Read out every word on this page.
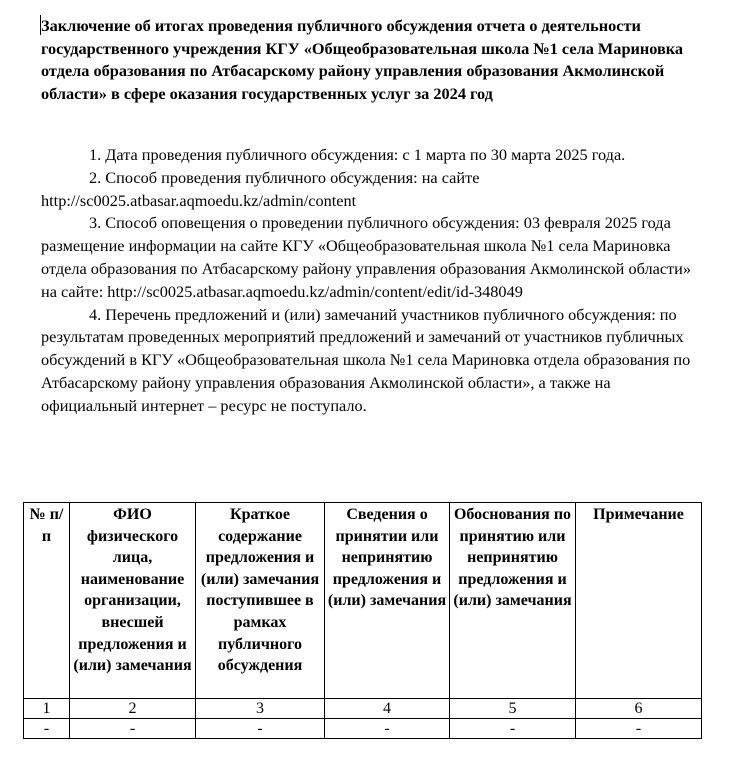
Заключение об итогах проведения публичного обсуждения отчета о деятельности государственного учреждения КГУ «Общеобразовательная школа №1 села Мариновка отдела образования по Атбасарскому району управления образования Акмолинской области» в сфере оказания государственных услуг за 2024 год

1. Дата проведения публичного обсуждения: с 1 марта по 30 марта 2025 года.

2. Способ проведения публичного обсуждения: на сайте http://sc0025.atbasar.aqmoedu.kz/admin/content

3. Способ оповещения о проведении публичного обсуждения: 03 февраля 2025 года размещение информации на сайте КГУ «Общеобразовательная школа №1 села Мариновка отдела образования по Атбасарскому району управления образования Акмолинской области» на сайте: http://sc0025.atbasar.aqmoedu.kz/admin/content/edit/id-348049

4. Перечень предложений и (или) замечаний участников публичного обсуждения: по результатам проведенных мероприятий предложений и замечаний от участников публичных обсуждений в КГУ «Общеобразовательная школа №1 села Мариновка отдела образования по Атбасарскому району управления образования Акмолинской области», а также на официальный интернет – ресурс не поступало.

№ п/п	ФИО физического лица, наименование организации, внесшей предложения и (или) замечания	Краткое содержание предложения и (или) замечания поступившее в рамках публичного обсуждения	Сведения о принятии или непринятию предложения и (или) замечания	Обоснования по принятию или непринятию предложения и (или) замечания	Примечание
1	2	3	4	5	6
-	-	-	-	-	-
